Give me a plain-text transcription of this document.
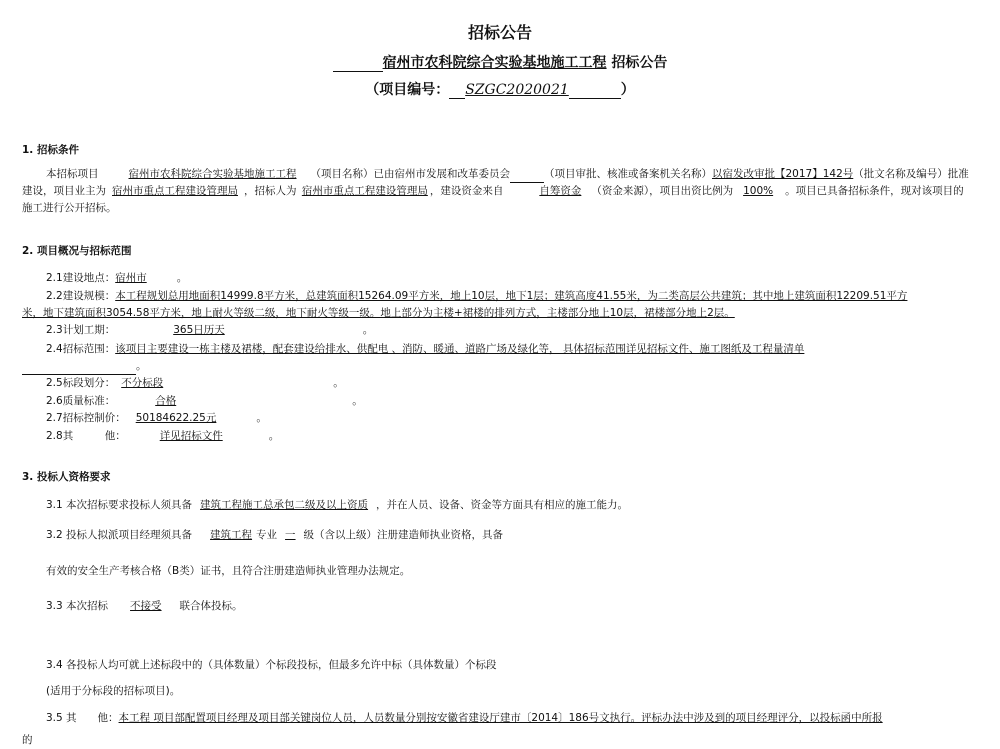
招标公告
宿州市农科院综合实验基地施工工程 招标公告
（项目编号： SZGC2020021	）
1. 招标条件
本招标项目	宿州市农科院综合实验基地施工工程 （项目名称）已由宿州市发展和改革委员会	（项目审批、核准或备案机关名称）以宿发改审批【2017】142号（批文名称及编号）批准建设，项目业主为 宿州市重点工程建设管理局 ，招标人为 宿州市重点工程建设管理局 ，建设资金来自	自筹资金 （资金来源），项目出资比例为 100% 。项目已具备招标条件，现对该项目的施工进行公开招标。
2. 项目概况与招标范围
2.1建设地点：宿州市	。
2.2建设规模：本工程规划总用地面积14999.8平方米，总建筑面积15264.09平方米，地上10层，地下1层；建筑高度41.55米，为二类高层公共建筑；其中地上建筑面积12209.51平方
米，地下建筑面积3054.58平方米，地上耐火等级二级，地下耐火等级一级。地上部分为主楼+裙楼的排列方式，主楼部分地上10层，裙楼部分地上2层。
2.3计划工期：	365日历天	。
2.4招标范围：该项目主要建设一栋主楼及裙楼，配套建设给排水、供配电 、消防、暖通、道路广场及绿化等， 具体招标范围详见招标文件、施工图纸及工程量清单
。
2.5标段划分： 不分标段	。
2.6质量标准：	合格	。
2.7招标控制价： 50184622.25元	。
2.8其　　　他：	详见招标文件	。
3. 投标人资格要求
3.1 本次招标要求投标人须具备 建筑工程施工总承包二级及以上资质 ，并在人员、设备、资金等方面具有相应的施工能力。
3.2 投标人拟派项目经理须具备 建筑工程 专业 一 级（含以上级）注册建造师执业资格，具备
有效的安全生产考核合格（B类）证书，且符合注册建造师执业管理办法规定。
3.3 本次招标 不接受 联合体投标。
3.4 各投标人均可就上述标段中的（具体数量）个标段投标，但最多允许中标（具体数量）个标段
(适用于分标段的招标项目)。
3.5 其　　他：本工程 项目部配置项目经理及项目部关键岗位人员，人员数量分别按安徽省建设厅建市〔2014〕186号文执行。评标办法中涉及到的项目经理评分，以投标函中所报
的
